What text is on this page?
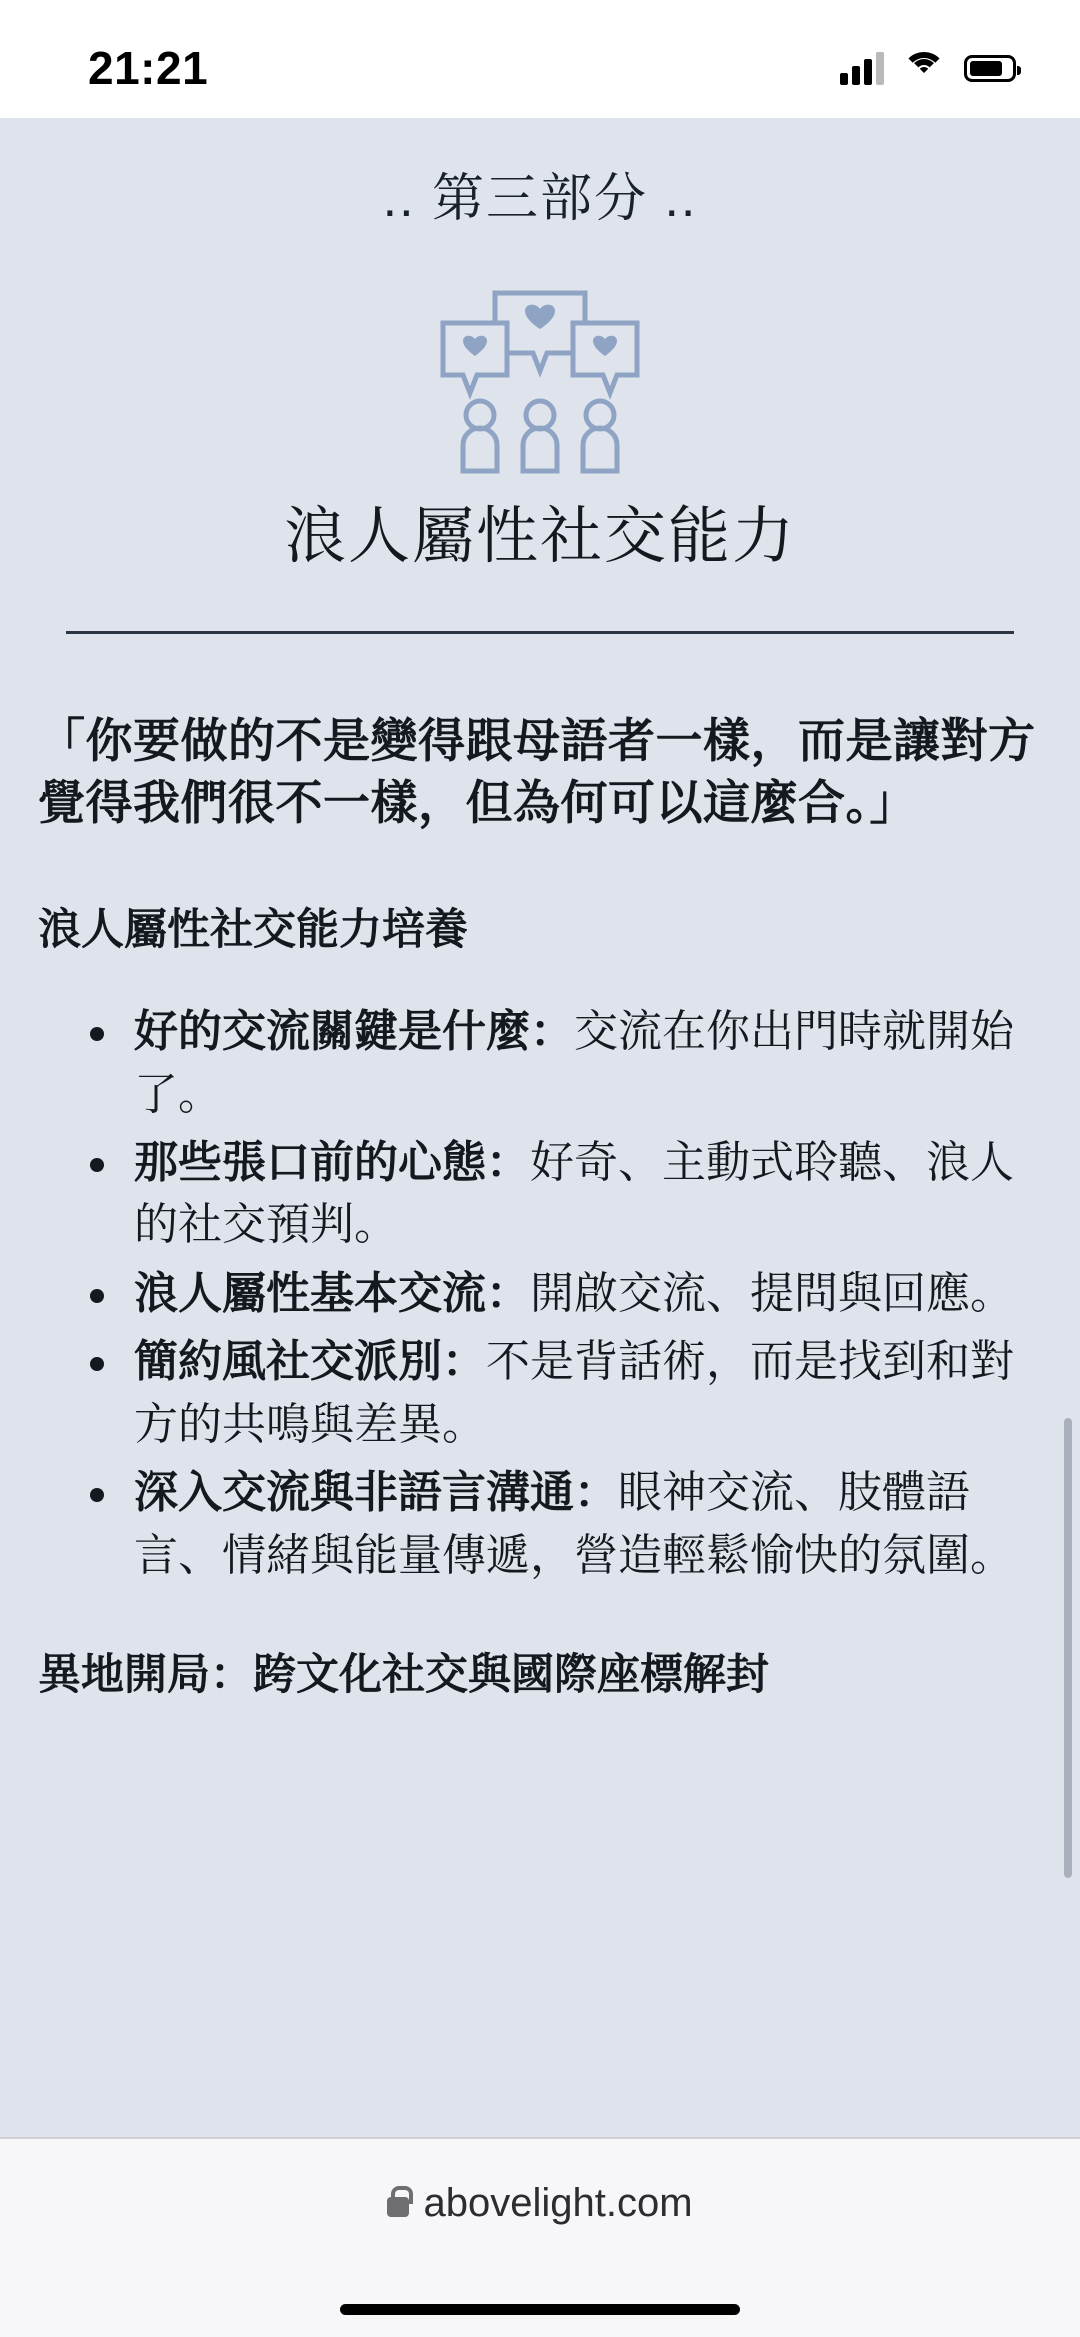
21:21
.. 第三部分 ..
浪人屬性社交能力
「你要做的不是變得跟母語者一樣，而是讓對方覺得我們很不一樣，但為何可以這麼合。」
浪人屬性社交能力培養
好的交流關鍵是什麼：交流在你出門時就開始了。
那些張口前的心態：好奇、主動式聆聽、浪人的社交預判。
浪人屬性基本交流：開啟交流、提問與回應。
簡約風社交派別：不是背話術，而是找到和對方的共鳴與差異。
深入交流與非語言溝通：眼神交流、肢體語言、情緒與能量傳遞，營造輕鬆愉快的氛圍。
異地開局：跨文化社交與國際座標解封
abovelight.com
